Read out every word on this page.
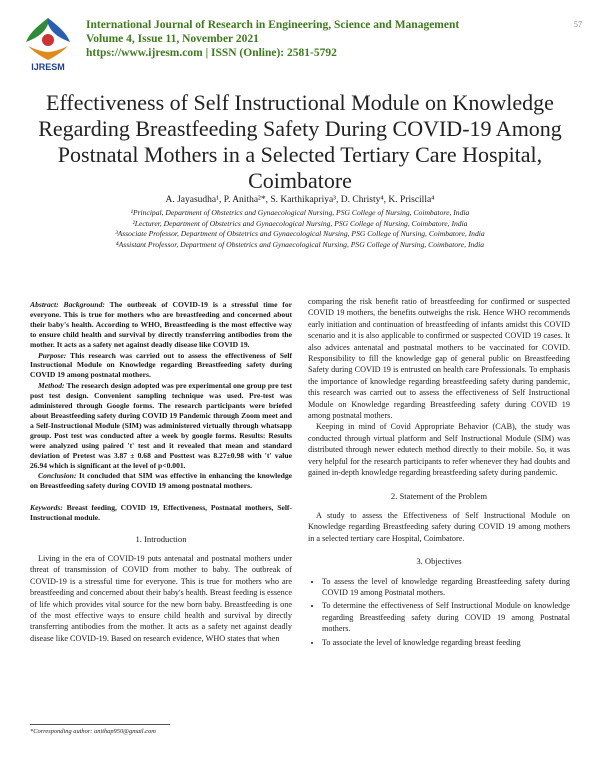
IJRESM
International Journal of Research in Engineering, Science and Management
Volume 4, Issue 11, November 2021
https://www.ijresm.com | ISSN (Online): 2581-5792
57
Effectiveness of Self Instructional Module on Knowledge Regarding Breastfeeding Safety During COVID-19 Among Postnatal Mothers in a Selected Tertiary Care Hospital, Coimbatore
A. Jayasudha¹, P. Anitha²*, S. Karthikapriya³, D. Christy⁴, K. Priscilla⁴
¹Principal, Department of Obstetrics and Gynaecological Nursing, PSG College of Nursing, Coimbatore, India
²Lecturer, Department of Obstetrics and Gynaecological Nursing, PSG College of Nursing, Coimbatore, India
³Associate Professor, Department of Obstetrics and Gynaecological Nursing, PSG College of Nursing, Coimbatore, India
⁴Assistant Professor, Department of Obstetrics and Gynaecological Nursing, PSG College of Nursing, Coimbatore, India

Abstract: Background: The outbreak of COVID-19 is a stressful time for everyone. This is true for mothers who are breastfeeding and concerned about their baby's health. According to WHO, Breastfeeding is the most effective way to ensure child health and survival by directly transferring antibodies from the mother. It acts as a safety net against deadly disease like COVID 19.

Purpose: This research was carried out to assess the effectiveness of Self Instructional Module on Knowledge regarding Breastfeeding safety during COVID 19 among postnatal mothers.

Method: The research design adopted was pre experimental one group pre test post test design. Convenient sampling technique was used. Pre-test was administered through Google forms. The research participants were briefed about Breastfeeding safety during COVID 19 Pandemic through Zoom meet and a Self-Instructional Module (SIM) was administered virtually through whatsapp group. Post test was conducted after a week by google forms. Results: Results were analyzed using paired 't' test and it revealed that mean and standard deviation of Pretest was 3.87 ± 0.68 and Posttest was 8.27±0.98 with 't' value 26.94 which is significant at the level of p<0.001.

Conclusion: It concluded that SIM was effective in enhancing the knowledge on Breastfeeding safety during COVID 19 among postnatal mothers.

Keywords: Breast feeding, COVID 19, Effectiveness, Postnatal mothers, Self-Instructional module.
1. Introduction

Living in the era of COVID-19 puts antenatal and postnatal mothers under threat of transmission of COVID from mother to baby. The outbreak of COVID-19 is a stressful time for everyone. This is true for mothers who are breastfeeding and concerned about their baby's health. Breast feeding is essence of life which provides vital source for the new born baby. Breastfeeding is one of the most effective ways to ensure child health and survival by directly transferring antibodies from the mother. It acts as a safety net against deadly disease like COVID-19. Based on research evidence, WHO states that when

comparing the risk benefit ratio of breastfeeding for confirmed or suspected COVID 19 mothers, the benefits outweighs the risk. Hence WHO recommends early initiation and continuation of breastfeeding of infants amidst this COVID scenario and it is also applicable to confirmed or suspected COVID 19 cases. It also advices antenatal and postnatal mothers to be vaccinated for COVID. Responsibility to fill the knowledge gap of general public on Breastfeeding Safety during COVID 19 is entrusted on health care Professionals. To emphasis the importance of knowledge regarding breastfeeding safety during pandemic, this research was carried out to assess the effectiveness of Self Instructional Module on Knowledge regarding Breastfeeding safety during COVID 19 among postnatal mothers.

Keeping in mind of Covid Appropriate Behavior (CAB), the study was conducted through virtual platform and Self Instructional Module (SIM) was distributed through newer edutech method directly to their mobile. So, it was very helpful for the research participants to refer whenever they had doubts and gained in-depth knowledge regarding breastfeeding safety during pandemic.

2. Statement of the Problem

A study to assess the Effectiveness of Self Instructional Module on Knowledge regarding Breastfeeding safety during COVID 19 among mothers in a selected tertiary care Hospital, Coimbatore.

3. Objectives
• To assess the level of knowledge regarding Breastfeeding safety during COVID 19 among Postnatal mothers.
• To determine the effectiveness of Self Instructional Module on knowledge regarding Breastfeeding safety during COVID 19 among Postnatal mothers.
• To associate the level of knowledge regarding breast feeding
*Corresponding author: anithap950@gmail.com
